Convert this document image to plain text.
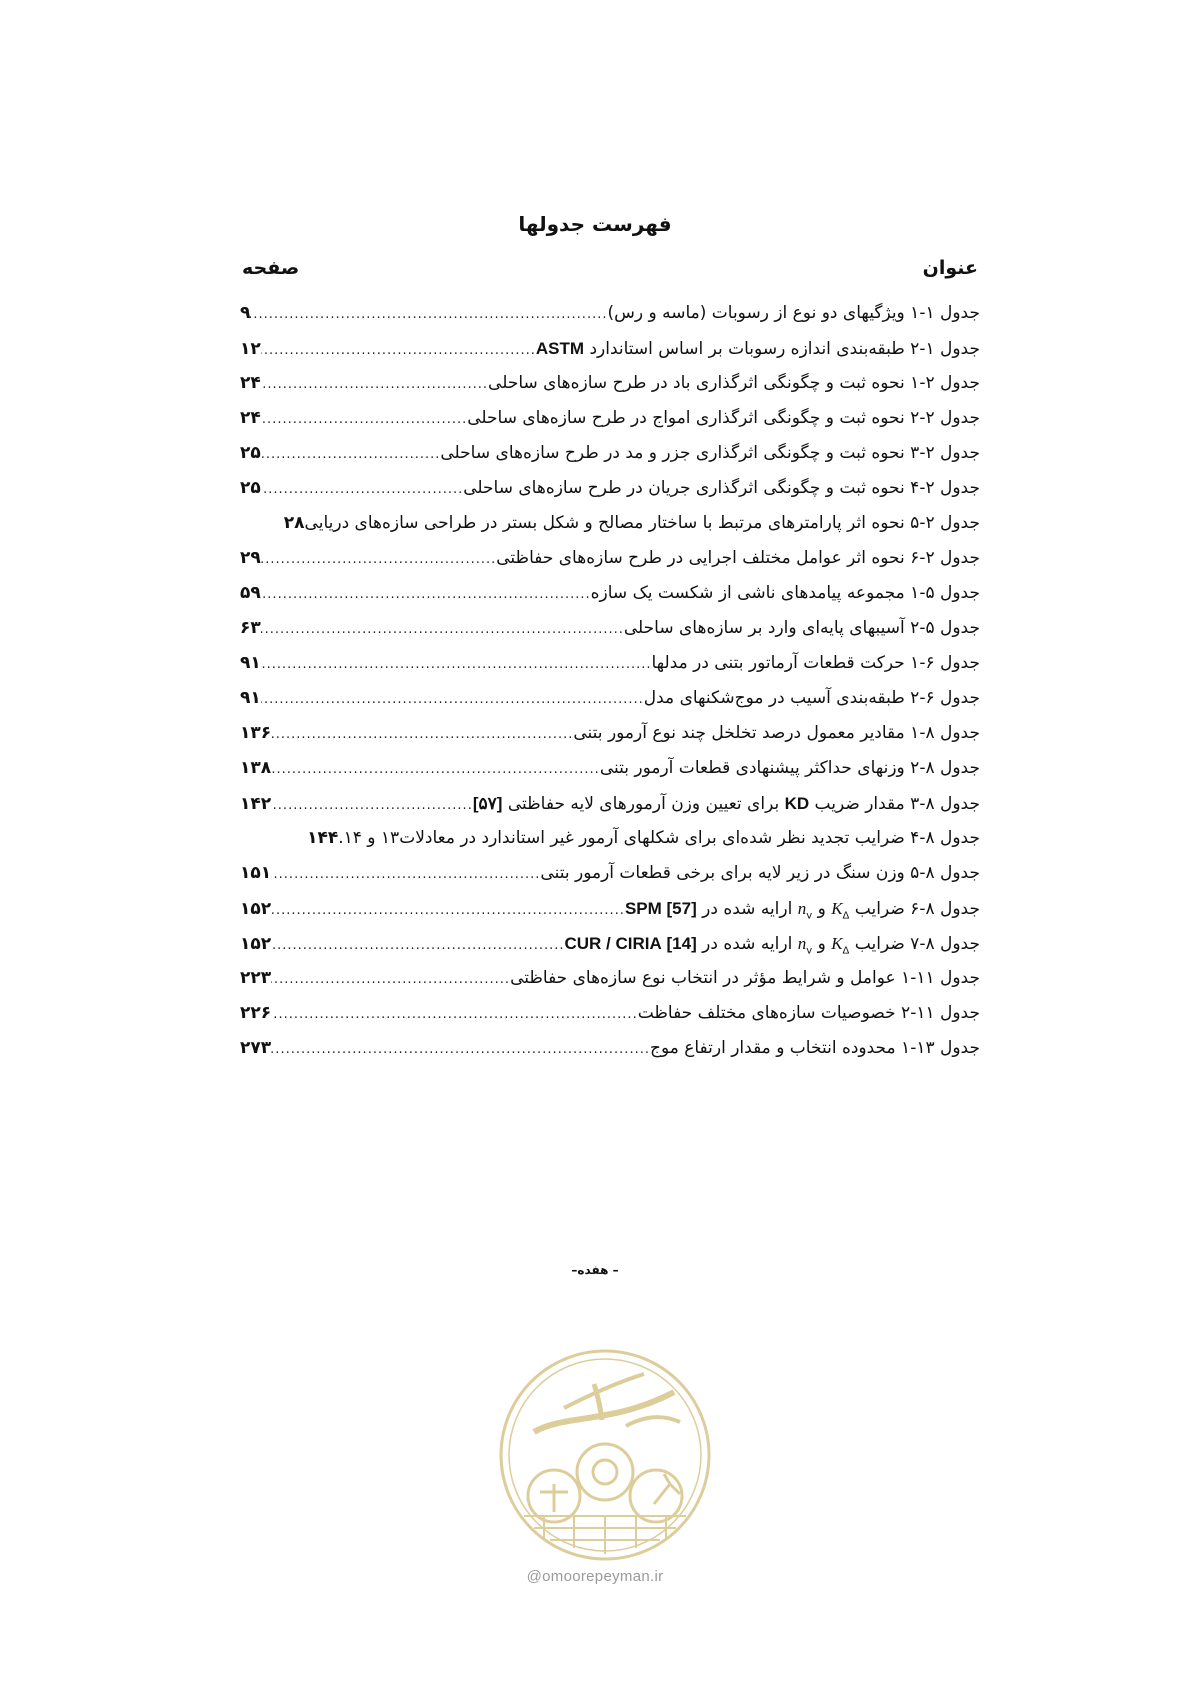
فهرست جدولها
عنوان
صفحه
جدول ۱-۱ ویژگیهای دو نوع از رسوبات (ماسه و رس)
.....
۹
جدول ۱-۲ طبقه‌بندی اندازه رسوبات بر اساس استاندارد ASTM
.....
۱۲
جدول ۲-۱ نحوه ثبت و چگونگی اثرگذاری باد در طرح سازه‌های ساحلی
.....
۲۴
جدول ۲-۲ نحوه ثبت و چگونگی اثرگذاری امواج در طرح سازه‌های ساحلی
.....
۲۴
جدول ۲-۳ نحوه ثبت و چگونگی اثرگذاری جزر و مد در طرح سازه‌های ساحلی
.....
۲۵
جدول ۲-۴ نحوه ثبت و چگونگی اثرگذاری جریان در طرح سازه‌های ساحلی
.....
۲۵
جدول ۲-۵ نحوه اثر پارامترهای مرتبط با ساختار مصالح و شکل بستر در طراحی سازه‌های دریایی
۲۸
جدول ۲-۶ نحوه اثر عوامل مختلف اجرایی در طرح سازه‌های حفاظتی
.....
۲۹
جدول ۵-۱ مجموعه پیامدهای ناشی از شکست یک سازه
.....
۵۹
جدول ۵-۲ آسیبهای پایه‌ای وارد بر سازه‌های ساحلی
.....
۶۳
جدول ۶-۱ حرکت قطعات آرماتور بتنی در مدلها
.....
۹۱
جدول ۶-۲ طبقه‌بندی آسیب در موج‌شکنهای مدل
.....
۹۱
جدول ۸-۱ مقادیر معمول درصد تخلخل چند نوع آرمور بتنی
.....
۱۳۶
جدول ۸-۲ وزنهای حداکثر پیشنهادی قطعات آرمور بتنی
.....
۱۳۸
جدول ۸-۳ مقدار ضریب KD برای تعیین وزن آرمورهای لایه حفاظتی [۵۷]
.....
۱۴۲
جدول ۸-۴ ضرایب تجدید نظر شده‌ای برای شکلهای آرمور غیر استاندارد در معادلات۱۳ و ۱۴.
۱۴۴
جدول ۸-۵ وزن سنگ در زیر لایه برای برخی قطعات آرمور بتنی
.....
۱۵۱
جدول ۸-۶ ضرایب $K_\Delta$ و $n_v$ ارایه شده در [57] SPM
.....
۱۵۲
جدول ۸-۷ ضرایب $K_\Delta$ و $n_v$ ارایه شده در [14] CUR / CIRIA
.....
۱۵۲
جدول ۱۱-۱ عوامل و شرایط مؤثر در انتخاب نوع سازه‌های حفاظتی
.....
۲۲۳
جدول ۱۱-۲ خصوصیات سازه‌های مختلف حفاظت
.....
۲۲۶
جدول ۱۳-۱ محدوده انتخاب و مقدار ارتفاع موج
.....
۲۷۳
– هفده–
@omoorepeyman.ir
